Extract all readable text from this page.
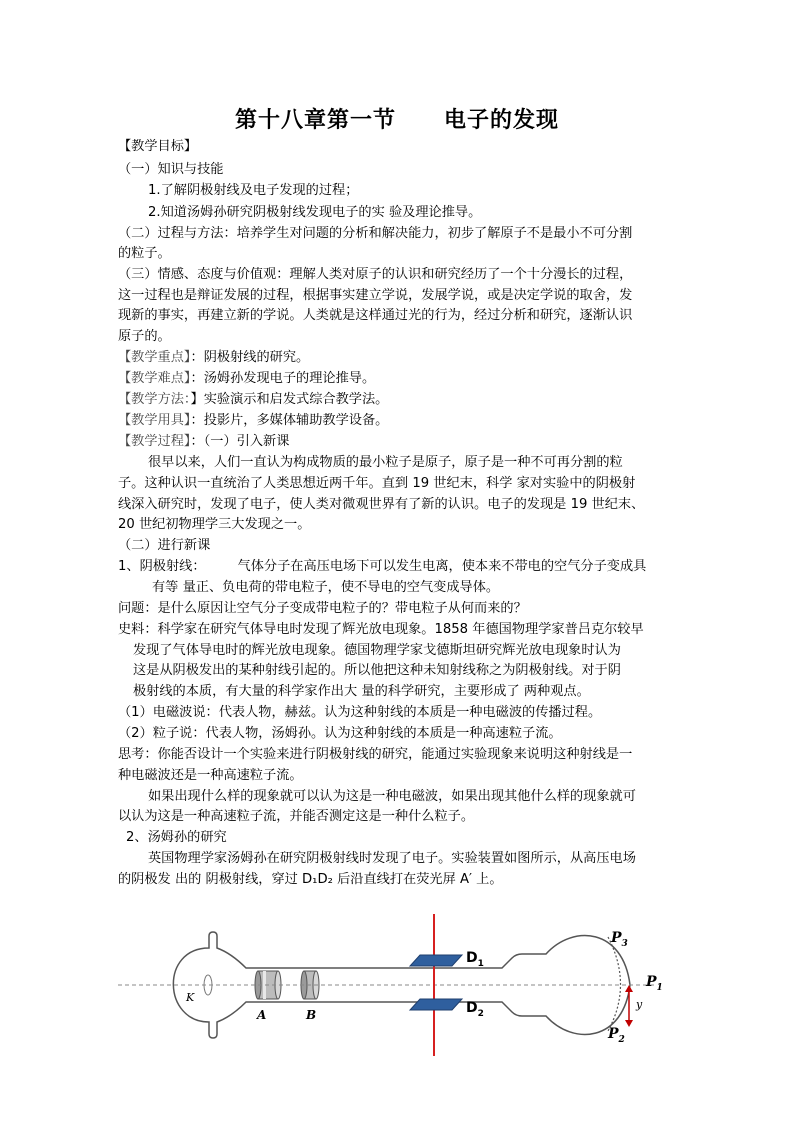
第十八章第一节 电子的发现
【教学目标】
（一）知识与技能
1.了解阴极射线及电子发现的过程；
2.知道汤姆孙研究阴极射线发现电子的实 验及理论推导。
（二）过程与方法：培养学生对问题的分析和解决能力，初步了解原子不是最小不可分割
的粒子。
（三）情感、态度与价值观：理解人类对原子的认识和研究经历了一个十分漫长的过程，
这一过程也是辩证发展的过程，根据事实建立学说，发展学说，或是决定学说的取舍，发
现新的事实，再建立新的学说。人类就是这样通过光的行为，经过分析和研究，逐渐认识
原子的。
【教学重点】：阴极射线的研究。
【教学难点】：汤姆孙发现电子的理论推导。
【教学方法：】实验演示和启发式综合教学法。
【教学用具】：投影片，多媒体辅助教学设备。
【教学过程】：（一）引入新课
很早以来，人们一直认为构成物质的最小粒子是原子，原子是一种不可再分割的粒
子。这种认识一直统治了人类思想近两千年。直到 19 世纪末，科学 家对实验中的阴极射
线深入研究时，发现了电子，使人类对微观世界有了新的认识。电子的发现是 19 世纪末、
20 世纪初物理学三大发现之一。
（二）进行新课
1、阴极射线： 气体分子在高压电场下可以发生电离，使本来不带电的空气分子变成具
有等 量正、负电荷的带电粒子，使不导电的空气变成导体。
问题：是什么原因让空气分子变成带电粒子的？带电粒子从何而来的？
史料：科学家在研究气体导电时发现了辉光放电现象。1858 年德国物理学家普吕克尔较早
发现了气体导电时的辉光放电现象。德国物理学家戈德斯坦研究辉光放电现象时认为
这是从阴极发出的某种射线引起的。所以他把这种未知射线称之为阴极射线。对于阴
极射线的本质，有大量的科学家作出大 量的科学研究，主要形成了 两种观点。
（1）电磁波说：代表人物，赫兹。认为这种射线的本质是一种电磁波的传播过程。
（2）粒子说：代表人物，汤姆孙。认为这种射线的本质是一种高速粒子流。
思考：你能否设计一个实验来进行阴极射线的研究，能通过实验现象来说明这种射线是一
种电磁波还是一种高速粒子流。
如果出现什么样的现象就可以认为这是一种电磁波，如果出现其他什么样的现象就可
以认为这是一种高速粒子流，并能否测定这是一种什么粒子。
2、汤姆孙的研究
英国物理学家汤姆孙在研究阴极射线时发现了电子。实验装置如图所示，从高压电场
的阴极发 出的 阴极射线，穿过 D₁D₂ 后沿直线打在荧光屏 A′ 上。
K
A	B
$D_1$
$D_2$
$P_3$
$P_1$
y
$P_2$
